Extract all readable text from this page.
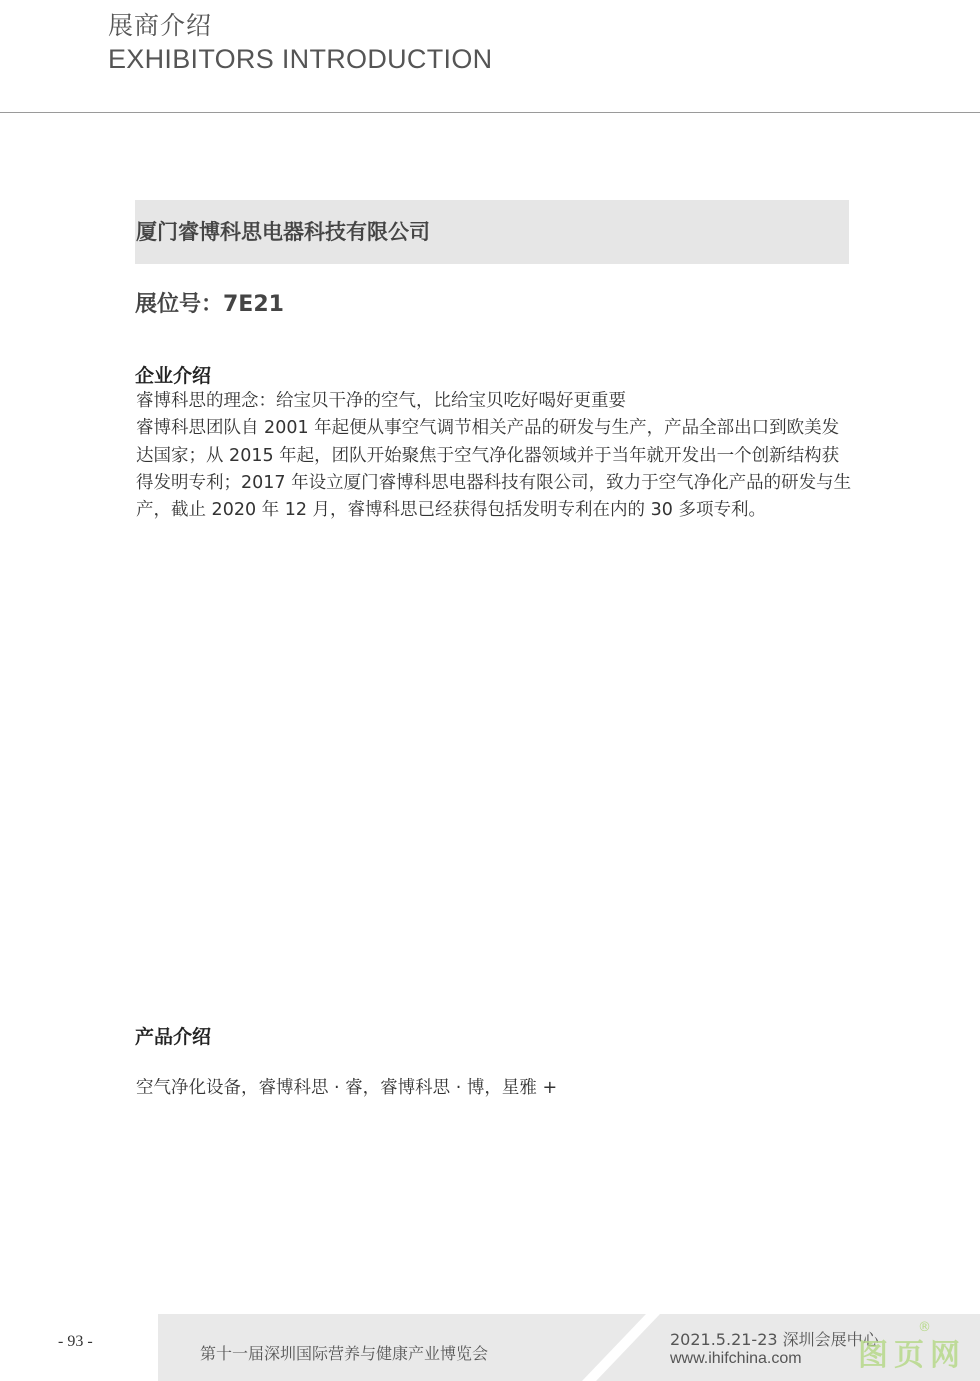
展商介绍
EXHIBITORS INTRODUCTION
厦门睿博科思电器科技有限公司
展位号：7E21
企业介绍

睿博科思的理念：给宝贝干净的空气，比给宝贝吃好喝好更重要

睿博科思团队自 2001 年起便从事空气调节相关产品的研发与生产，产品全部出口到欧美发达国家；从 2015 年起，团队开始聚焦于空气净化器领域并于当年就开发出一个创新结构获得发明专利；2017 年设立厦门睿博科思电器科技有限公司，致力于空气净化产品的研发与生产，截止 2020 年 12 月，睿博科思已经获得包括发明专利在内的 30 多项专利。

产品介绍
空气净化设备，睿博科思 · 睿，睿博科思 · 博，星雅 +
- 93 -
第十一届深圳国际营养与健康产业博览会
2021.5.21-23 深圳会展中心
www.ihifchina.com 图页网
®
